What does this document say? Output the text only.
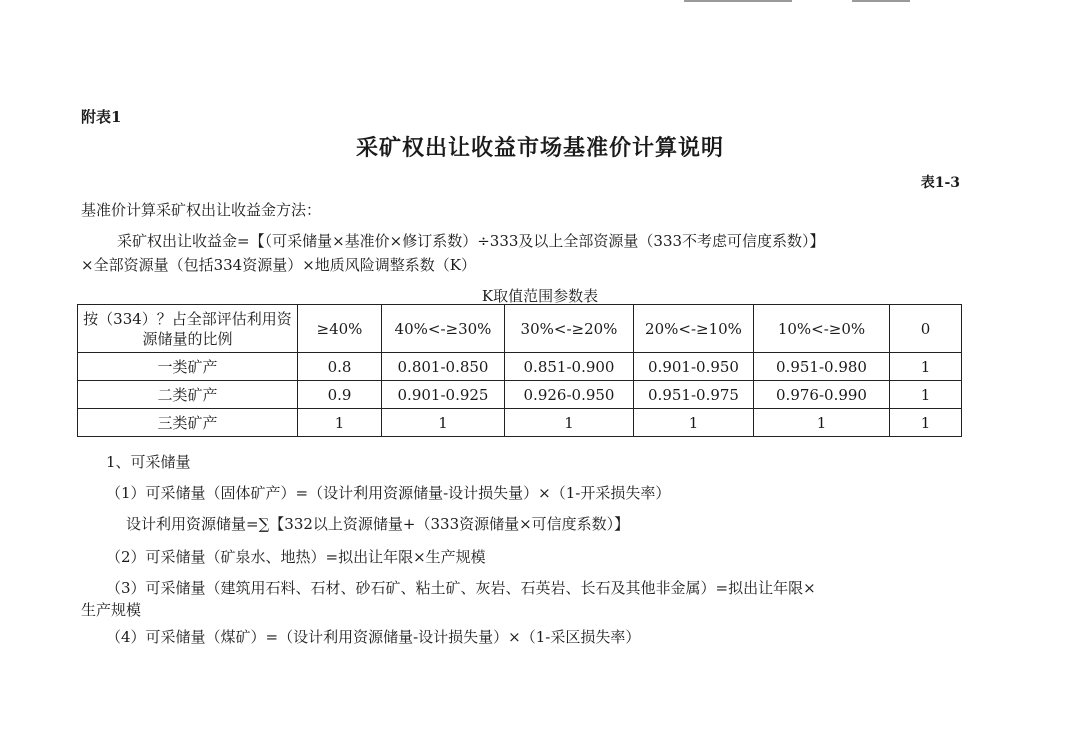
附表1
采矿权出让收益市场基准价计算说明
表1-3
基准价计算采矿权出让收益金方法：
采矿权出让收益金=【（可采储量×基准价×修订系数）÷333及以上全部资源量（333不考虑可信度系数）】
×全部资源量（包括334资源量）×地质风险调整系数（K）
K取值范围参数表
按（334）？占全部评估利用资源储量的比例	≥40%	40%<-≥30%	30%<-≥20%	20%<-≥10%	10%<-≥0%	0
一类矿产	0.8	0.801-0.850	0.851-0.900	0.901-0.950	0.951-0.980	1
二类矿产	0.9	0.901-0.925	0.926-0.950	0.951-0.975	0.976-0.990	1
三类矿产	1	1	1	1	1	1
1、可采储量
（1）可采储量（固体矿产）=（设计利用资源储量-设计损失量）×（1-开采损失率）
设计利用资源储量=∑【332以上资源储量+（333资源储量×可信度系数）】
（2）可采储量（矿泉水、地热）=拟出让年限×生产规模
（3）可采储量（建筑用石料、石材、砂石矿、粘土矿、灰岩、石英岩、长石及其他非金属）=拟出让年限×
生产规模
（4）可采储量（煤矿）=（设计利用资源储量-设计损失量）×（1-采区损失率）
